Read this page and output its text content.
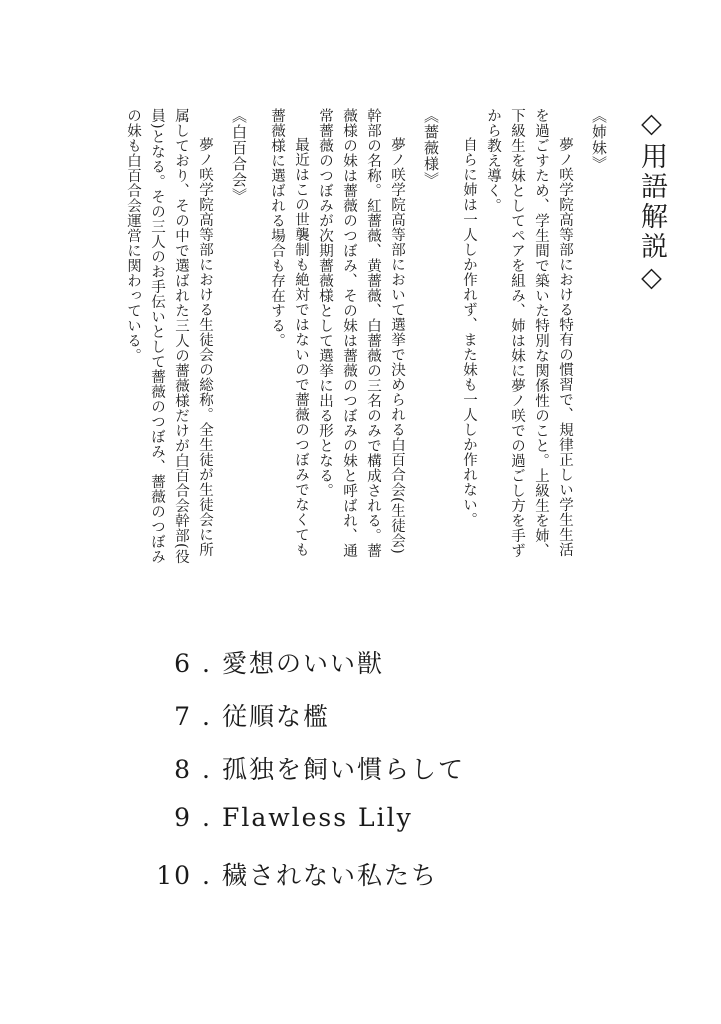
◇用語解説◇
《姉妹》

夢ノ咲学院高等部における特有の慣習で、規律正しい学生生活を過ごすため、学生間で築いた特別な関係性のこと。上級生を姉、下級生を妹としてペアを組み、姉は妹に夢ノ咲での過ごし方を手ずから教え導く。

自らに姉は一人しか作れず、また妹も一人しか作れない。

《薔薇様》

夢ノ咲学院高等部において選挙で決められる白百合会(生徒会)幹部の名称。紅薔薇、黄薔薇、白薔薇の三名のみで構成される。薔薇様の妹は薔薇のつぼみ、その妹は薔薇のつぼみの妹と呼ばれ、通常薔薇のつぼみが次期薔薇様として選挙に出る形となる。

最近はこの世襲制も絶対ではないので薔薇のつぼみでなくても薔薇様に選ばれる場合も存在する。

《白百合会》

夢ノ咲学院高等部における生徒会の総称。全生徒が生徒会に所属しており、その中で選ばれた三人の薔薇様だけが白百合会幹部(役員)となる。その三人のお手伝いとして薔薇のつぼみ、薔薇のつぼみの妹も白百合会運営に関わっている。

6 . 愛想のいい獣
7 . 従順な檻
8 . 孤独を飼い慣らして
9 . Flawless Lily
10 . 穢されない私たち
